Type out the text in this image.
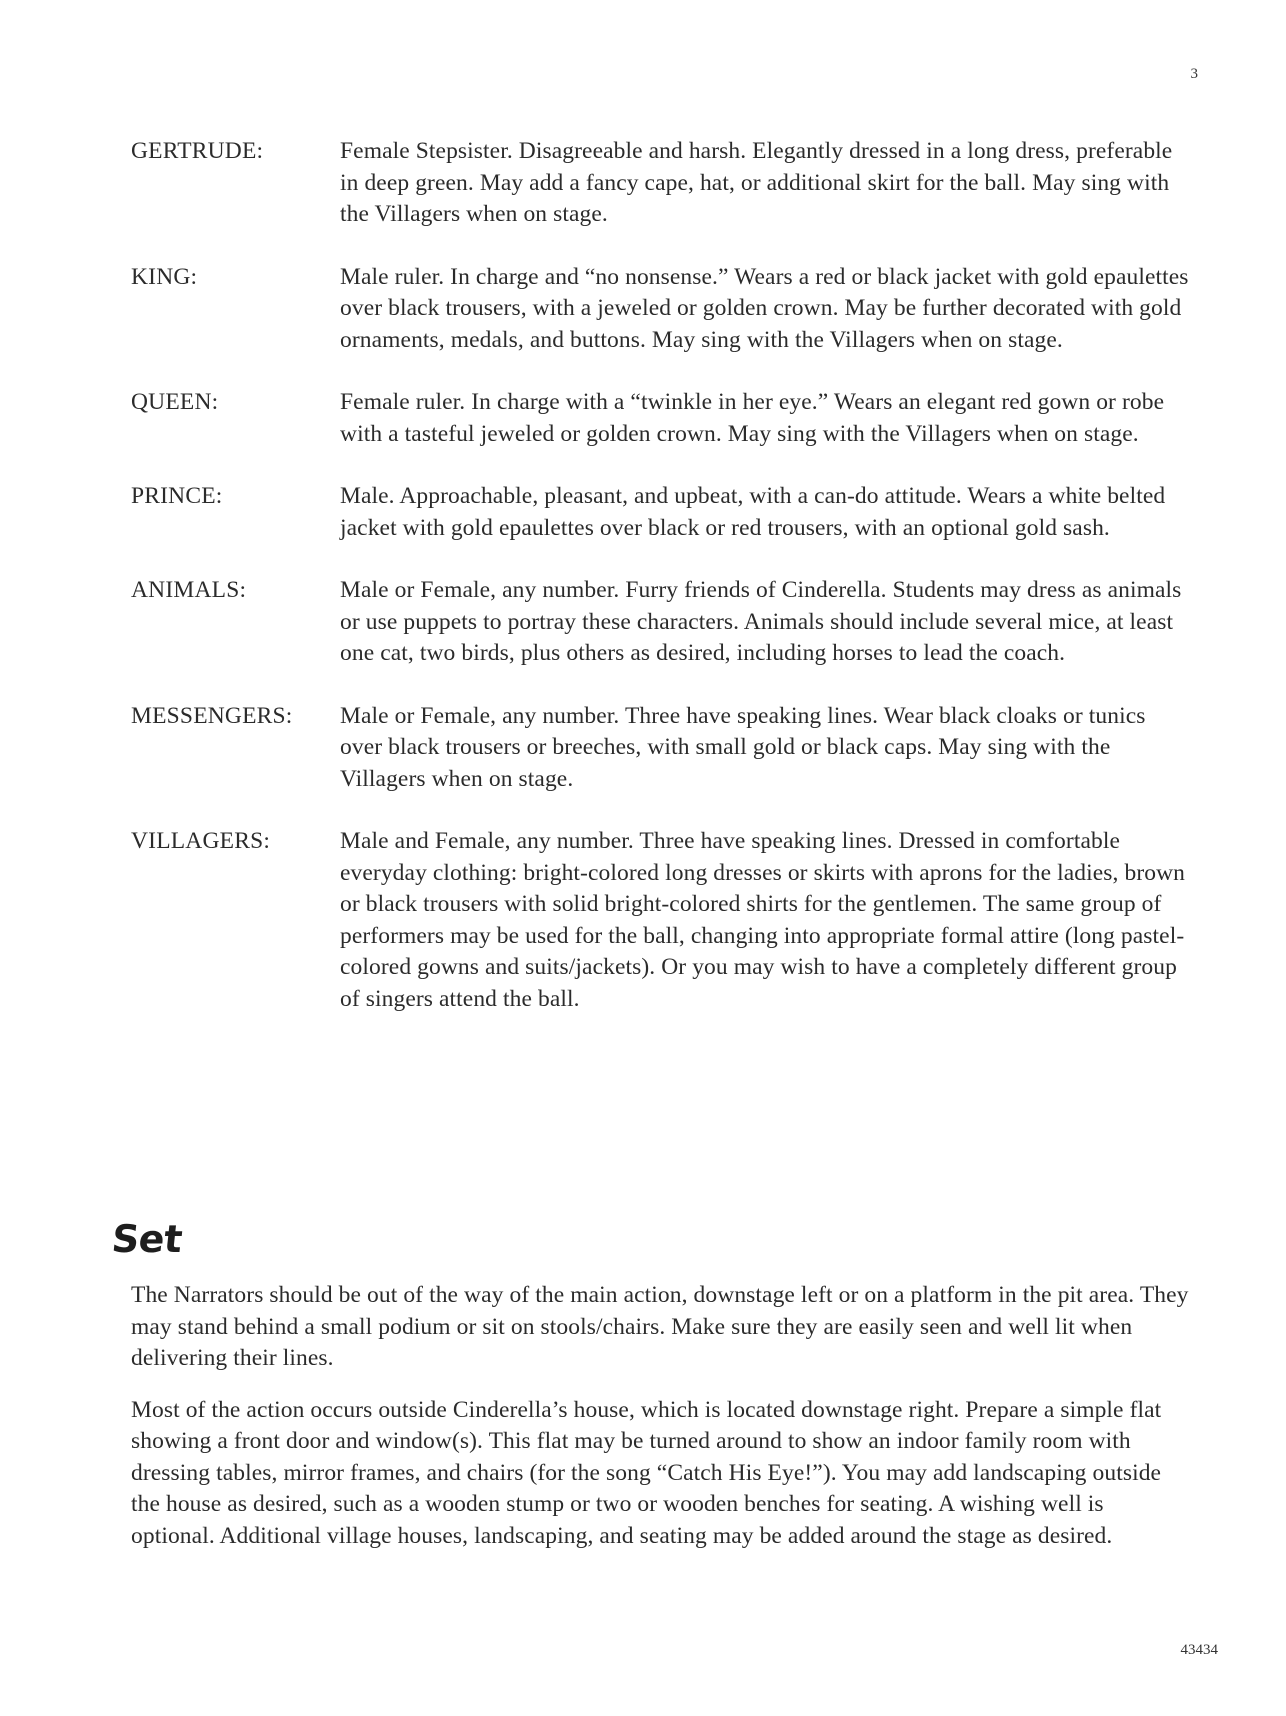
3
GERTRUDE:	Female Stepsister. Disagreeable and harsh. Elegantly dressed in a long dress, preferable in deep green. May add a fancy cape, hat, or additional skirt for the ball. May sing with the Villagers when on stage.
KING:	Male ruler. In charge and “no nonsense.” Wears a red or black jacket with gold epaulettes over black trousers, with a jeweled or golden crown. May be further decorated with gold ornaments, medals, and buttons. May sing with the Villagers when on stage.
QUEEN:	Female ruler. In charge with a “twinkle in her eye.” Wears an elegant red gown or robe with a tasteful jeweled or golden crown. May sing with the Villagers when on stage.
PRINCE:	Male. Approachable, pleasant, and upbeat, with a can-do attitude. Wears a white belted jacket with gold epaulettes over black or red trousers, with an optional gold sash.
ANIMALS:	Male or Female, any number. Furry friends of Cinderella. Students may dress as animals or use puppets to portray these characters. Animals should include several mice, at least one cat, two birds, plus others as desired, including horses to lead the coach.
MESSENGERS:	Male or Female, any number. Three have speaking lines. Wear black cloaks or tunics over black trousers or breeches, with small gold or black caps. May sing with the Villagers when on stage.
VILLAGERS:	Male and Female, any number. Three have speaking lines. Dressed in comfortable everyday clothing: bright-colored long dresses or skirts with aprons for the ladies, brown or black trousers with solid bright-colored shirts for the gentlemen. The same group of performers may be used for the ball, changing into appropriate formal attire (long pastel-colored gowns and suits/jackets). Or you may wish to have a completely different group of singers attend the ball.
Set

The Narrators should be out of the way of the main action, downstage left or on a platform in the pit area. They may stand behind a small podium or sit on stools/chairs. Make sure they are easily seen and well lit when delivering their lines.

Most of the action occurs outside Cinderella’s house, which is located downstage right. Prepare a simple flat showing a front door and window(s). This flat may be turned around to show an indoor family room with dressing tables, mirror frames, and chairs (for the song “Catch His Eye!”). You may add landscaping outside the house as desired, such as a wooden stump or two or wooden benches for seating. A wishing well is optional. Additional village houses, landscaping, and seating may be added around the stage as desired.

43434
